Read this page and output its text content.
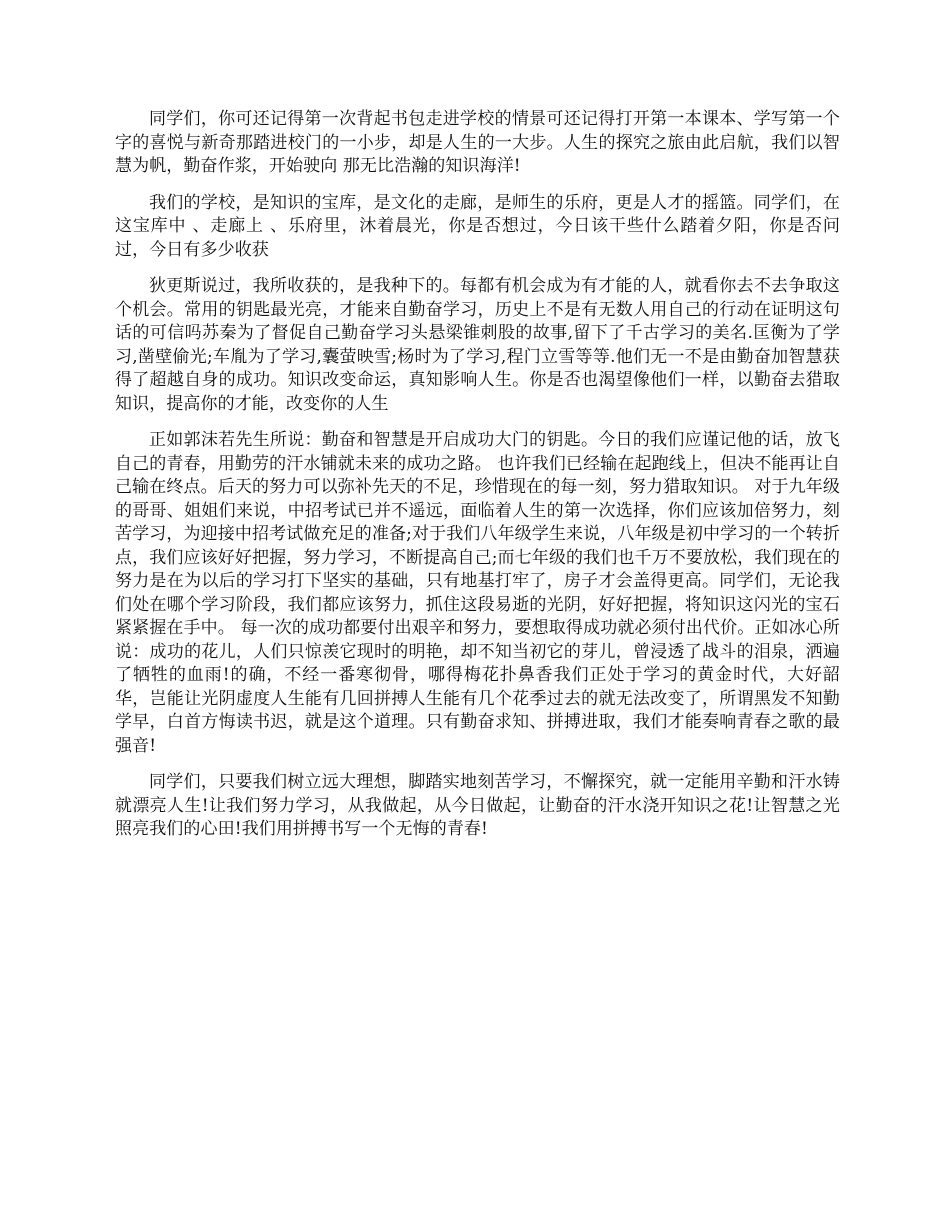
同学们，你可还记得第一次背起书包走进学校的情景可还记得打开第一本课本、学写第一个字的喜悦与新奇那踏进校门的一小步，却是人生的一大步。人生的探究之旅由此启航，我们以智慧为帆，勤奋作浆，开始驶向 那无比浩瀚的知识海洋!

我们的学校，是知识的宝库，是文化的走廊，是师生的乐府，更是人才的摇篮。同学们，在这宝库中 、走廊上 、乐府里，沐着晨光，你是否想过，今日该干些什么踏着夕阳，你是否问过，今日有多少收获

狄更斯说过，我所收获的，是我种下的。每都有机会成为有才能的人，就看你去不去争取这个机会。常用的钥匙最光亮，才能来自勤奋学习，历史上不是有无数人用自己的行动在证明这句话的可信吗苏秦为了督促自己勤奋学习头悬梁锥刺股的故事,留下了千古学习的美名.匡衡为了学习,凿壁偷光;车胤为了学习,囊萤映雪;杨时为了学习,程门立雪等等.他们无一不是由勤奋加智慧获得了超越自身的成功。知识改变命运，真知影响人生。你是否也渴望像他们一样，以勤奋去猎取知识，提高你的才能，改变你的人生

正如郭沫若先生所说：勤奋和智慧是开启成功大门的钥匙。今日的我们应谨记他的话，放飞自己的青春，用勤劳的汗水铺就未来的成功之路。 也许我们已经输在起跑线上，但决不能再让自己输在终点。后天的努力可以弥补先天的不足，珍惜现在的每一刻，努力猎取知识。 对于九年级的哥哥、姐姐们来说，中招考试已并不遥远，面临着人生的第一次选择，你们应该加倍努力，刻苦学习，为迎接中招考试做充足的准备;对于我们八年级学生来说，八年级是初中学习的一个转折点，我们应该好好把握，努力学习，不断提高自己;而七年级的我们也千万不要放松，我们现在的努力是在为以后的学习打下坚实的基础，只有地基打牢了，房子才会盖得更高。同学们，无论我们处在哪个学习阶段，我们都应该努力，抓住这段易逝的光阴，好好把握，将知识这闪光的宝石紧紧握在手中。 每一次的成功都要付出艰辛和努力，要想取得成功就必须付出代价。正如冰心所说：成功的花儿，人们只惊羡它现时的明艳，却不知当初它的芽儿，曾浸透了战斗的泪泉，洒遍了牺牲的血雨!的确，不经一番寒彻骨，哪得梅花扑鼻香我们正处于学习的黄金时代，大好韶华，岂能让光阴虚度人生能有几回拼搏人生能有几个花季过去的就无法改变了，所谓黑发不知勤学早，白首方悔读书迟，就是这个道理。只有勤奋求知、拼搏进取，我们才能奏响青春之歌的最强音!

同学们，只要我们树立远大理想，脚踏实地刻苦学习，不懈探究，就一定能用辛勤和汗水铸就漂亮人生!让我们努力学习，从我做起，从今日做起，让勤奋的汗水浇开知识之花!让智慧之光照亮我们的心田!我们用拼搏书写一个无悔的青春!
